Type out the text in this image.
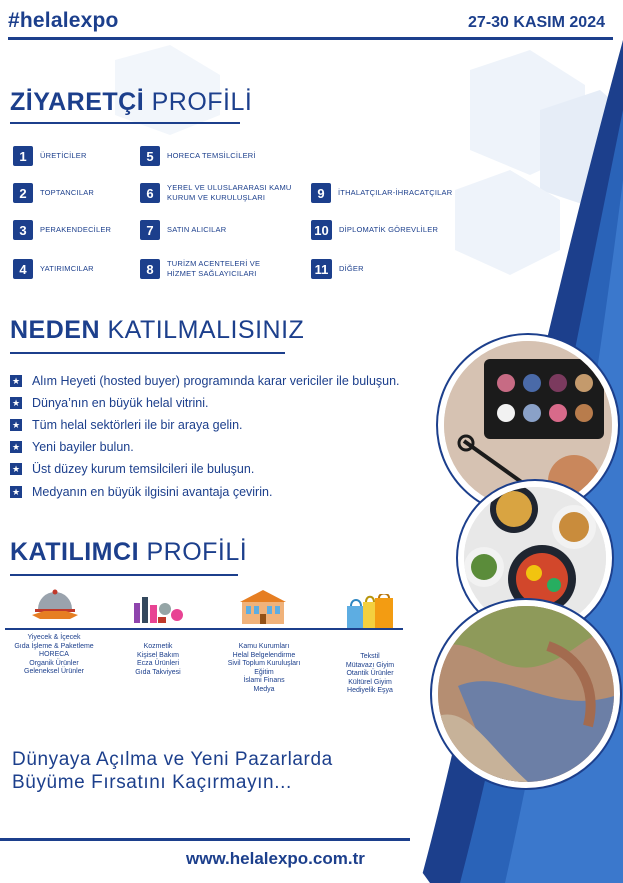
#helalexpo	27-30 KASIM 2024
ZİYARETÇİ PROFİLİ
1	ÜRETİCİLER
2	TOPTANCILAR
3	PERAKENDECİLER
4	YATIRIMCILAR
5	HORECA TEMSİLCİLERİ
6	YEREL VE ULUSLARARASI KAMU KURUM VE KURULUŞLARI
7	SATIN ALICILAR
8	TURİZM ACENTELERİ VE HİZMET SAĞLAYICILARI
9	İTHALATÇILAR-İHRACATÇILAR
10	DİPLOMATİK GÖREVLİLER
11	DİĞER
NEDEN KATILMALISINIZ
★ Alım Heyeti (hosted buyer) programında karar vericiler ile buluşun.
★ Dünya’nın en büyük helal vitrini.
★ Tüm helal sektörleri ile bir araya gelin.
★ Yeni bayiler bulun.
★ Üst düzey kurum temsilcileri ile buluşun.
★ Medyanın en büyük ilgisini avantaja çevirin.
KATILIMCI PROFİLİ
Yiyecek & İçecek
Gıda İşleme & Paketleme
HORECA
Organik Ürünler
Geleneksel Ürünler
Kozmetik
Kişisel Bakım
Ecza Ürünleri
Gıda Takviyesi
Kamu Kurumları
Helal Belgelendirme
Sivil Toplum Kuruluşları
Eğitim
İslami Finans
Medya
Tekstil
Mütavazı Giyim
Otantik Ürünler
Kültürel Giyim
Hediyelik Eşya
Dünyaya Açılma ve Yeni Pazarlarda
Büyüme Fırsatını Kaçırmayın...
www.helalexpo.com.tr
